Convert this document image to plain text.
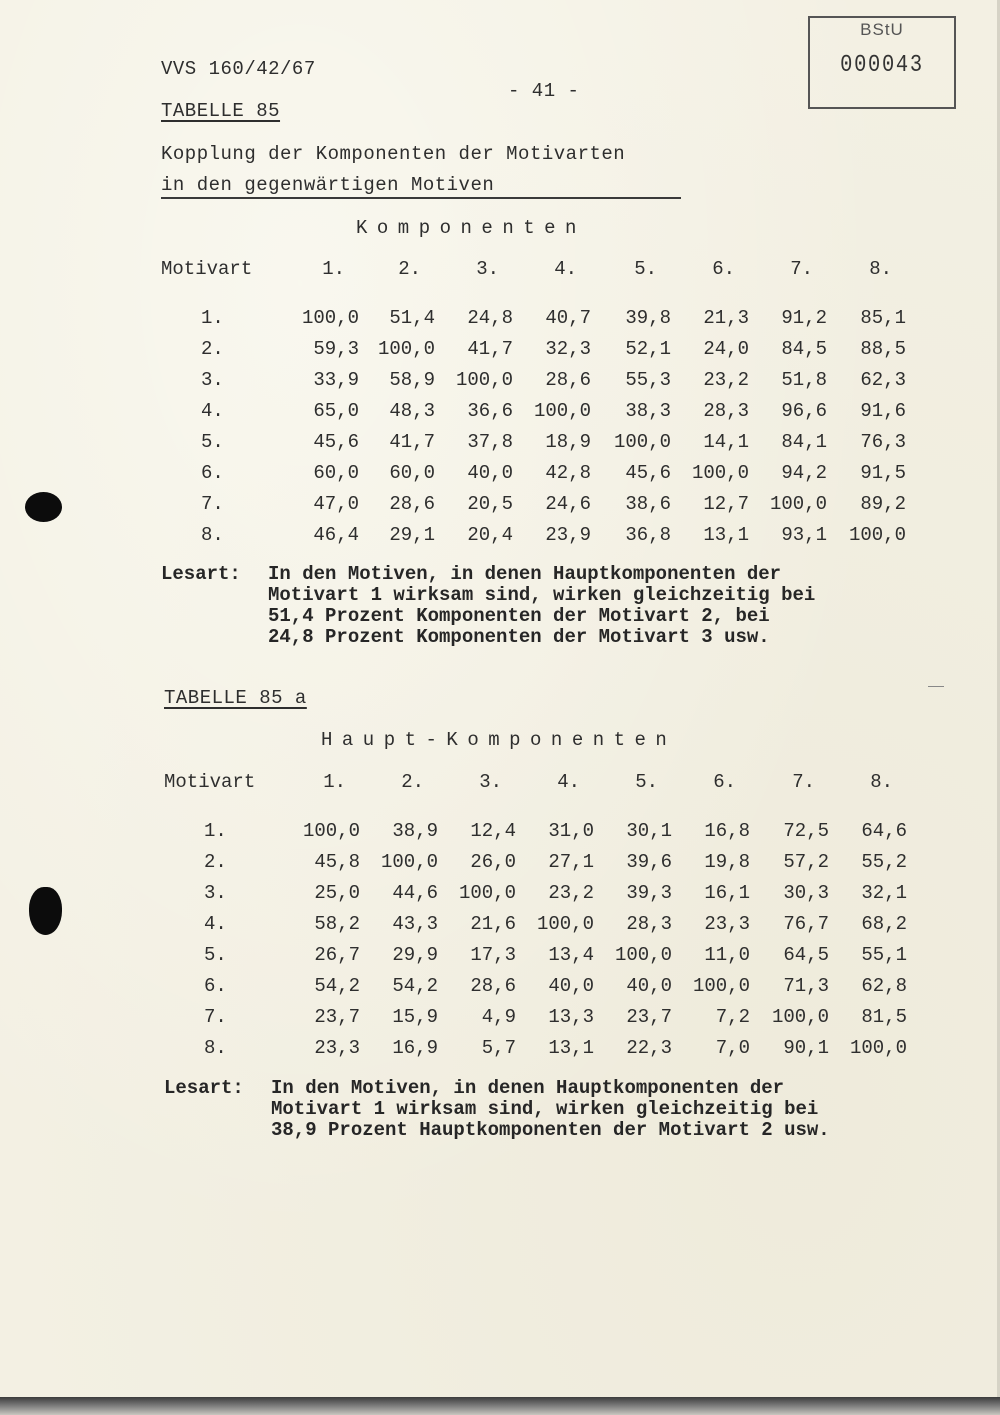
VVS 160/42/67
- 41 -
BStU
000043
TABELLE 85
Kopplung der Komponenten der Motivarten
in den gegenwärtigen Motiven
Komponenten
Motivart	1.	2.	3.	4.	5.	6.	7.	8.
1.	100,0	51,4	24,8	40,7	39,8	21,3	91,2	85,1
2.	59,3	100,0	41,7	32,3	52,1	24,0	84,5	88,5
3.	33,9	58,9	100,0	28,6	55,3	23,2	51,8	62,3
4.	65,0	48,3	36,6	100,0	38,3	28,3	96,6	91,6
5.	45,6	41,7	37,8	18,9	100,0	14,1	84,1	76,3
6.	60,0	60,0	40,0	42,8	45,6	100,0	94,2	91,5
7.	47,0	28,6	20,5	24,6	38,6	12,7	100,0	89,2
8.	46,4	29,1	20,4	23,9	36,8	13,1	93,1	100,0
Lesart: In den Motiven, in denen Hauptkomponenten der
Motivart 1 wirksam sind, wirken gleichzeitig bei
51,4 Prozent Komponenten der Motivart 2, bei
24,8 Prozent Komponenten der Motivart 3 usw.
TABELLE 85 a
Haupt-Komponenten
Motivart	1.	2.	3.	4.	5.	6.	7.	8.
1.	100,0	38,9	12,4	31,0	30,1	16,8	72,5	64,6
2.	45,8	100,0	26,0	27,1	39,6	19,8	57,2	55,2
3.	25,0	44,6	100,0	23,2	39,3	16,1	30,3	32,1
4.	58,2	43,3	21,6	100,0	28,3	23,3	76,7	68,2
5.	26,7	29,9	17,3	13,4	100,0	11,0	64,5	55,1
6.	54,2	54,2	28,6	40,0	40,0	100,0	71,3	62,8
7.	23,7	15,9	4,9	13,3	23,7	7,2	100,0	81,5
8.	23,3	16,9	5,7	13,1	22,3	7,0	90,1	100,0
Lesart: In den Motiven, in denen Hauptkomponenten der
Motivart 1 wirksam sind, wirken gleichzeitig bei
38,9 Prozent Hauptkomponenten der Motivart 2 usw.
